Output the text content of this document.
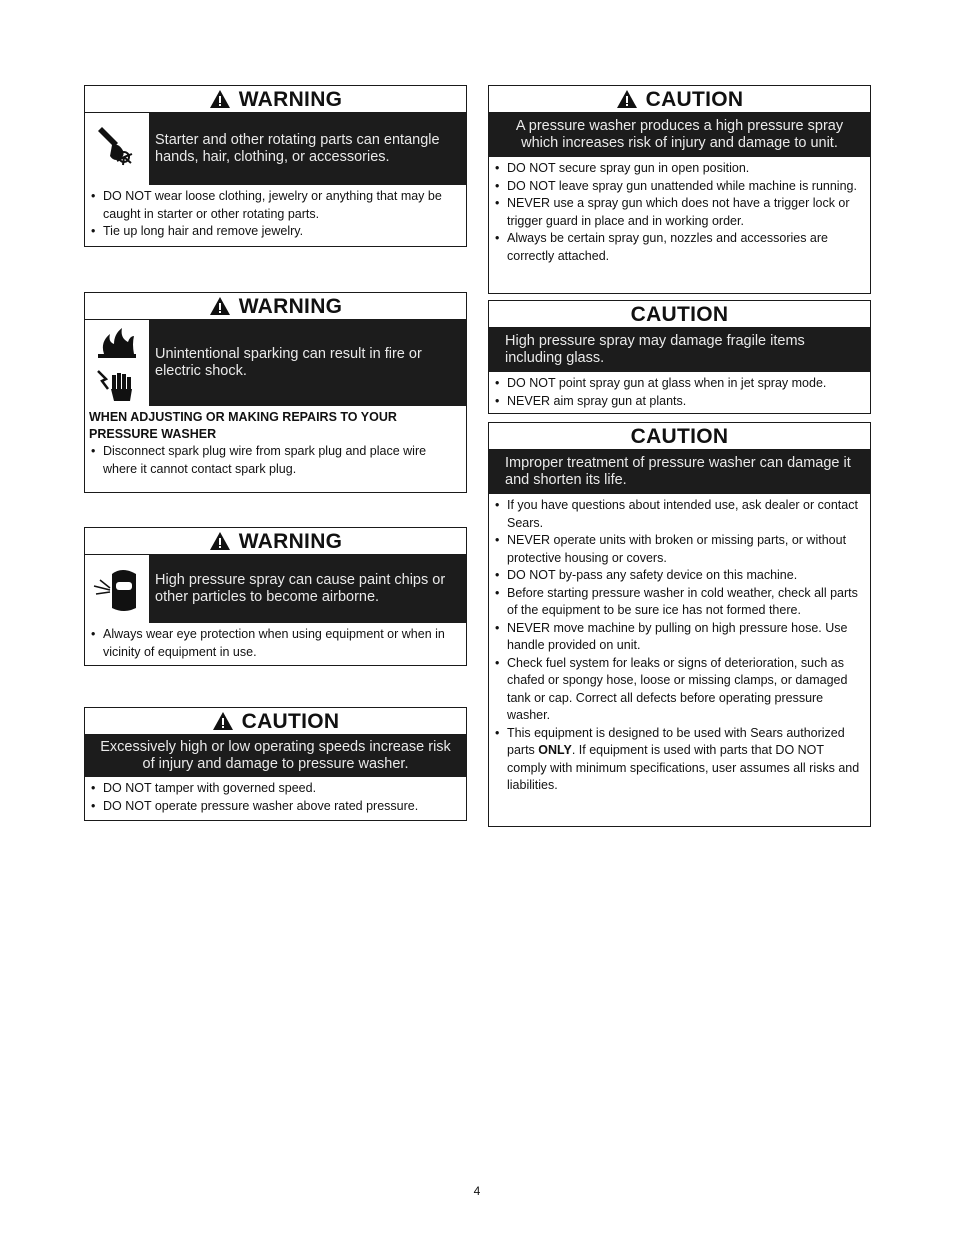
WARNING
Starter and other rotating parts can entangle hands, hair, clothing, or accessories.
• DO NOT wear loose clothing, jewelry or anything that may be caught in starter or other rotating parts.
• Tie up long hair and remove jewelry.
WARNING
Unintentional sparking can result in fire or electric shock.
WHEN ADJUSTING OR MAKING REPAIRS TO YOUR PRESSURE WASHER
• Disconnect spark plug wire from spark plug and place wire where it cannot contact spark plug.
WARNING
High pressure spray can cause paint chips or other particles to become airborne.
• Always wear eye protection when using equipment or when in vicinity of equipment in use.
CAUTION
Excessively high or low operating speeds increase risk of injury and damage to pressure washer.
• DO NOT tamper with governed speed.
• DO NOT operate pressure washer above rated pressure.
CAUTION
A pressure washer produces a high pressure spray which increases risk of injury and damage to unit.
• DO NOT secure spray gun in open position.
• DO NOT leave spray gun unattended while machine is running.
• NEVER use a spray gun which does not have a trigger lock or trigger guard in place and in working order.
• Always be certain spray gun, nozzles and accessories are correctly attached.
CAUTION
High pressure spray may damage fragile items including glass.
• DO NOT point spray gun at glass when in jet spray mode.
• NEVER aim spray gun at plants.
CAUTION
Improper treatment of pressure washer can damage it and shorten its life.
• If you have questions about intended use, ask dealer or contact Sears.
• NEVER operate units with broken or missing parts, or without protective housing or covers.
• DO NOT by-pass any safety device on this machine.
• Before starting pressure washer in cold weather, check all parts of the equipment to be sure ice has not formed there.
• NEVER move machine by pulling on high pressure hose. Use handle provided on unit.
• Check fuel system for leaks or signs of deterioration, such as chafed or spongy hose, loose or missing clamps, or damaged tank or cap. Correct all defects before operating pressure washer.
• This equipment is designed to be used with Sears authorized parts ONLY. If equipment is used with parts that DO NOT comply with minimum specifications, user assumes all risks and liabilities.
4
